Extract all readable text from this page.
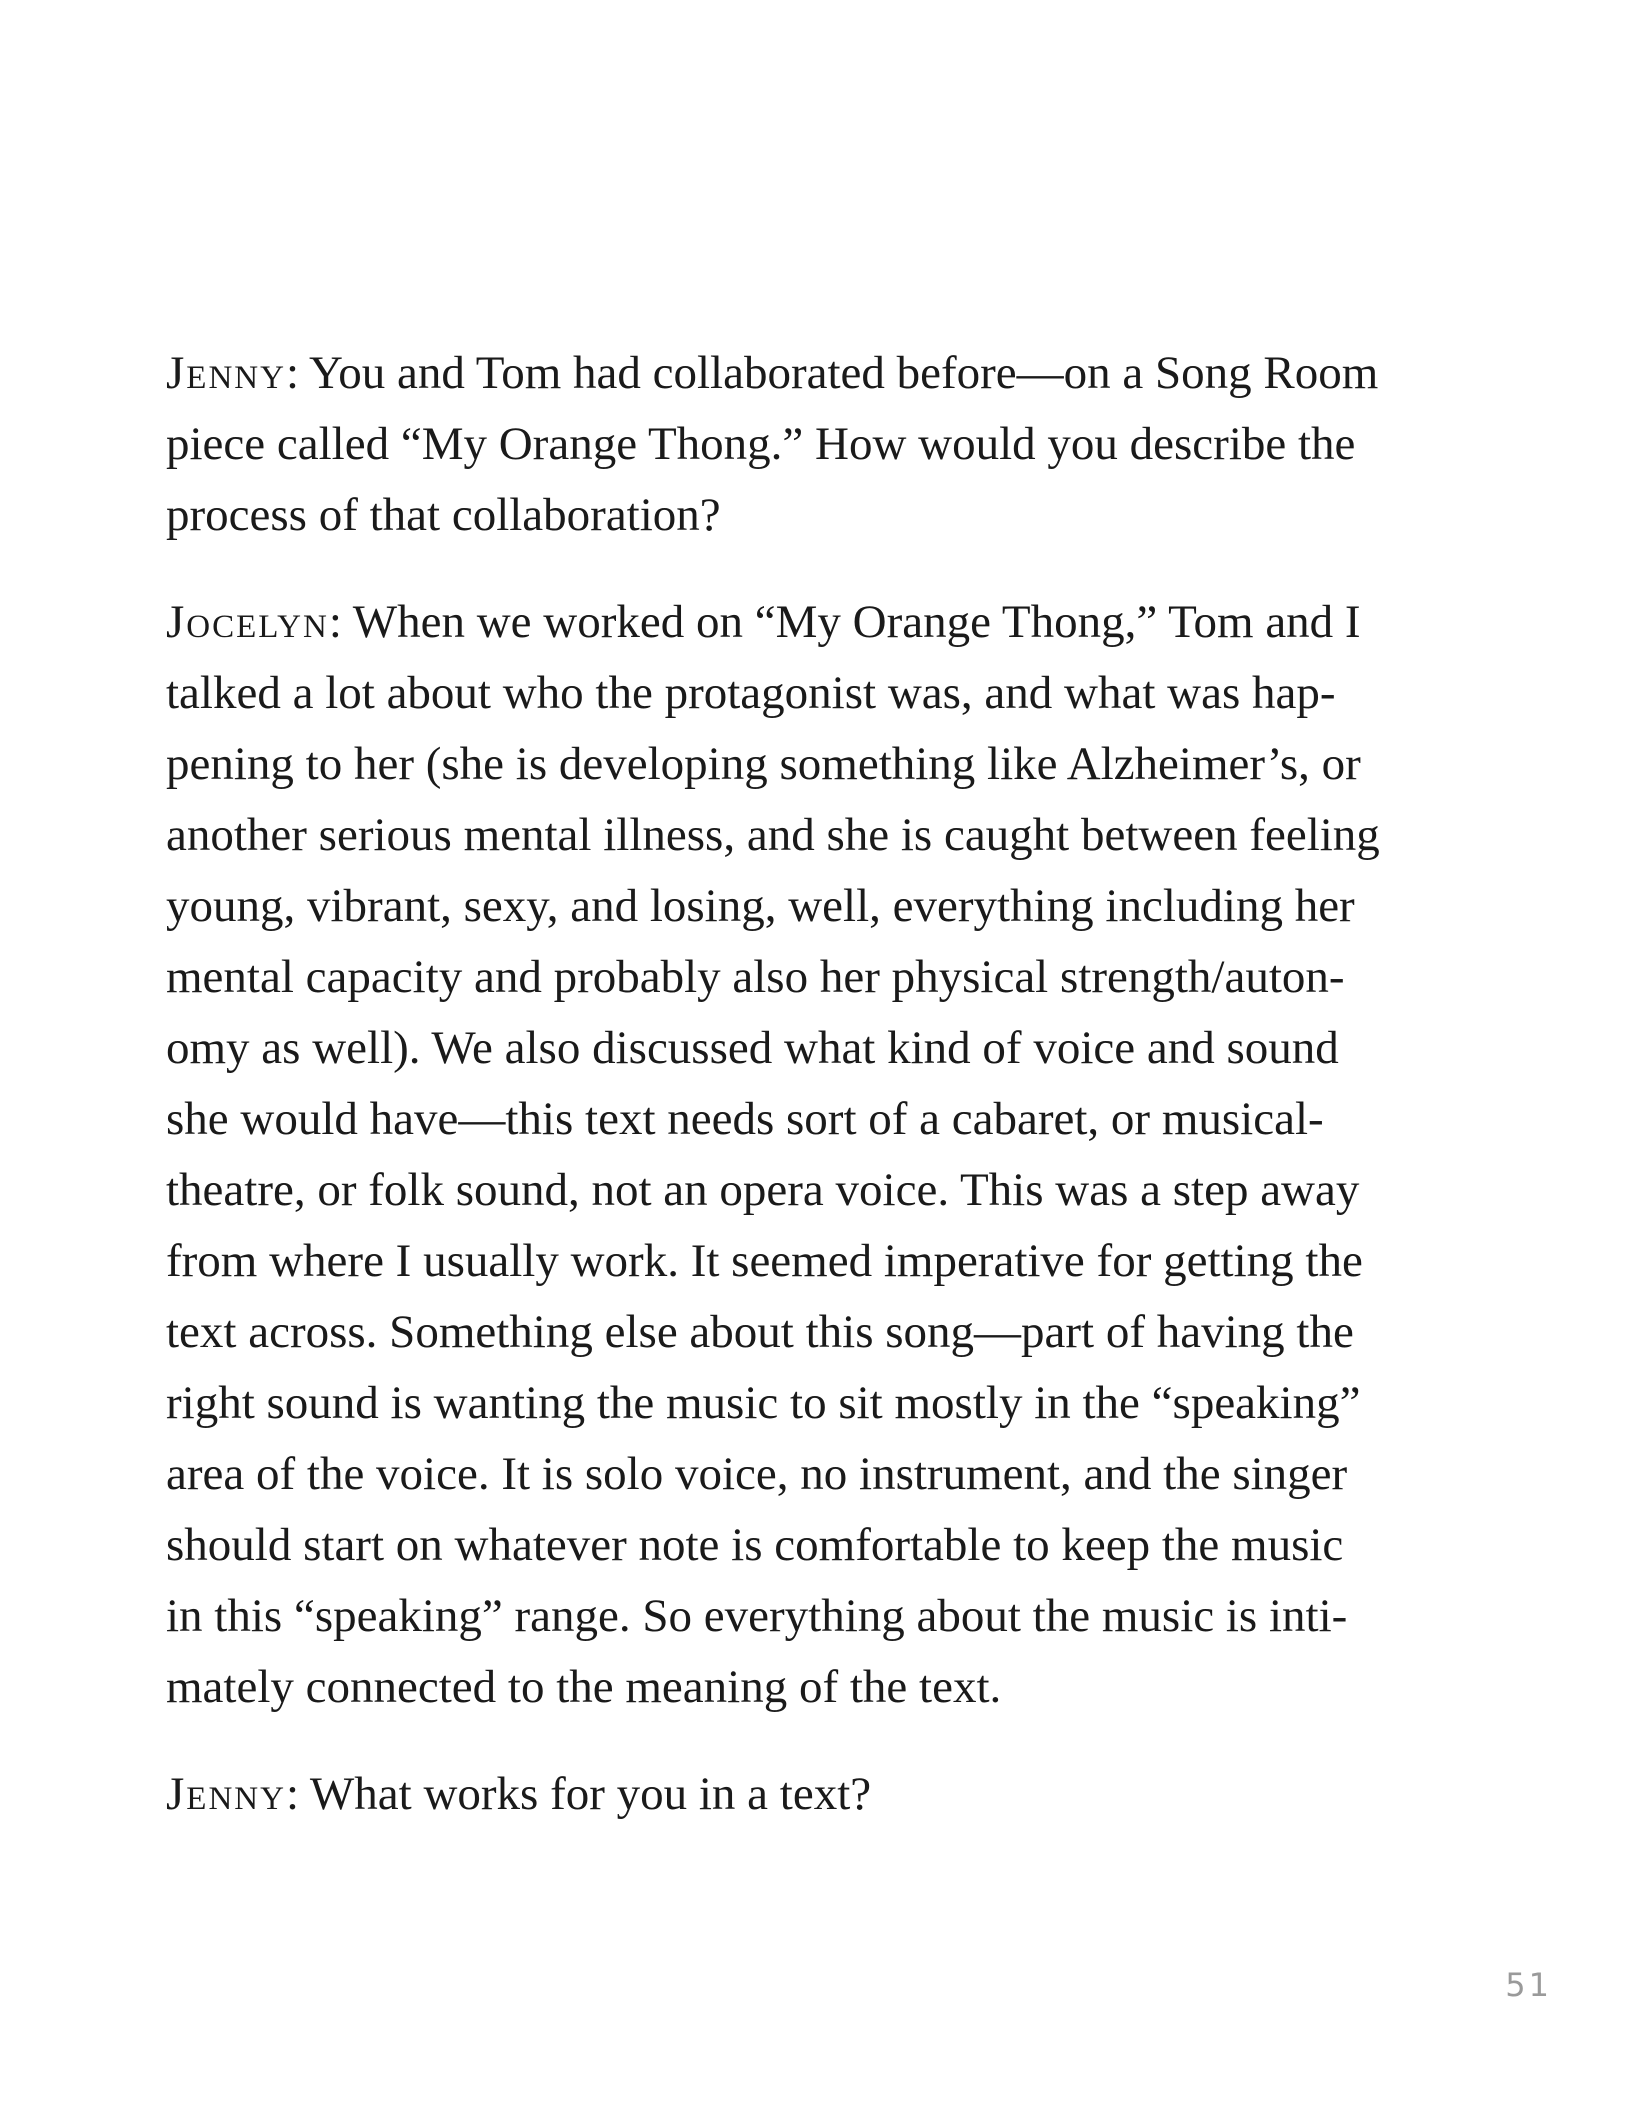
Jenny: You and Tom had collaborated before—on a Song Room
piece called “My Orange Thong.” How would you describe the
process of that collaboration?

Jocelyn: When we worked on “My Orange Thong,” Tom and I
talked a lot about who the protagonist was, and what was hap-
pening to her (she is developing something like Alzheimer’s, or
another serious mental illness, and she is caught between feeling
young, vibrant, sexy, and losing, well, everything including her
mental capacity and probably also her physical strength/auton-
omy as well). We also discussed what kind of voice and sound
she would have—this text needs sort of a cabaret, or musical-
theatre, or folk sound, not an opera voice. This was a step away
from where I usually work. It seemed imperative for getting the
text across. Something else about this song—part of having the
right sound is wanting the music to sit mostly in the “speaking”
area of the voice. It is solo voice, no instrument, and the singer
should start on whatever note is comfortable to keep the music
in this “speaking” range. So everything about the music is inti-
mately connected to the meaning of the text.

Jenny: What works for you in a text?

51
